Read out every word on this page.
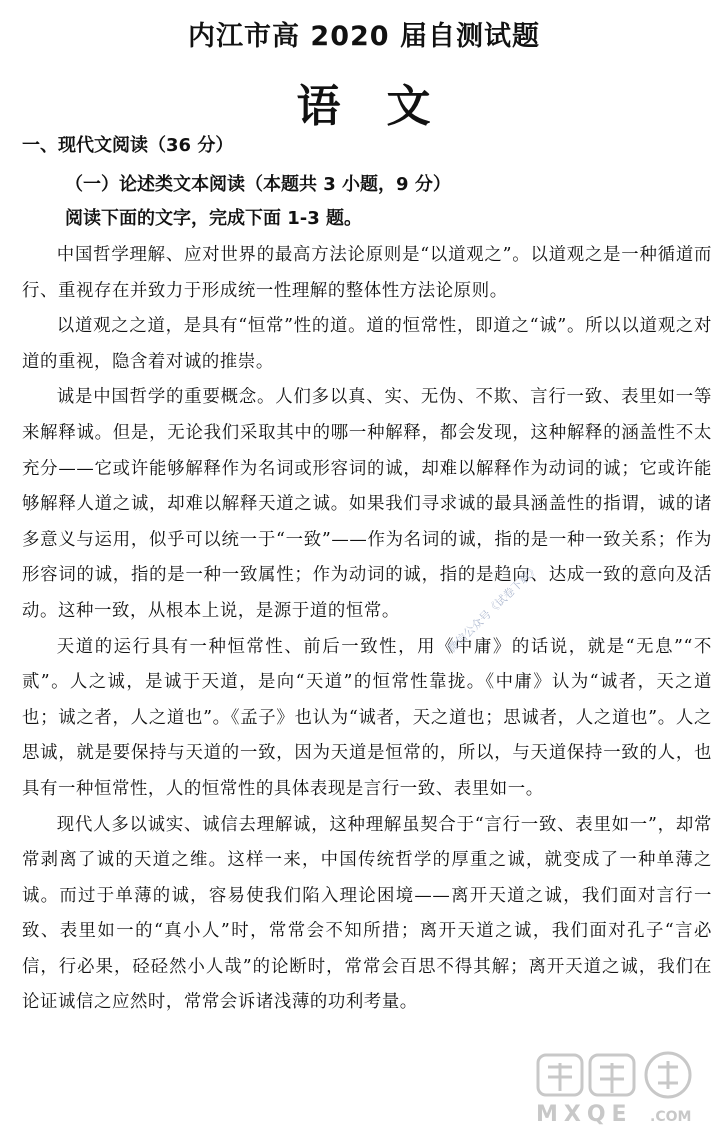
内江市高 2020 届自测试题
语　文
一、现代文阅读（36 分）
（一）论述类文本阅读（本题共 3 小题，9 分）
阅读下面的文字，完成下面 1-3 题。

中国哲学理解、应对世界的最高方法论原则是“以道观之”。以道观之是一种循道而行、重视存在并致力于形成统一性理解的整体性方法论原则。

以道观之之道，是具有“恒常”性的道。道的恒常性，即道之“诚”。所以以道观之对道的重视，隐含着对诚的推崇。

诚是中国哲学的重要概念。人们多以真、实、无伪、不欺、言行一致、表里如一等来解释诚。但是，无论我们采取其中的哪一种解释，都会发现，这种解释的涵盖性不太充分——它或许能够解释作为名词或形容词的诚，却难以解释作为动词的诚；它或许能够解释人道之诚，却难以解释天道之诚。如果我们寻求诚的最具涵盖性的指谓，诚的诸多意义与运用，似乎可以统一于“一致”——作为名词的诚，指的是一种一致关系；作为形容词的诚，指的是一种一致属性；作为动词的诚，指的是趋向、达成一致的意向及活动。这种一致，从根本上说，是源于道的恒常。

天道的运行具有一种恒常性、前后一致性，用《中庸》的话说，就是“无息”“不贰”。人之诚，是诚于天道，是向“天道”的恒常性靠拢。《中庸》认为“诚者，天之道也；诚之者，人之道也”。《孟子》也认为“诚者，天之道也；思诚者，人之道也”。人之思诚，就是要保持与天道的一致，因为天道是恒常的，所以，与天道保持一致的人，也具有一种恒常性，人的恒常性的具体表现是言行一致、表里如一。

现代人多以诚实、诚信去理解诚，这种理解虽契合于“言行一致、表里如一”，却常常剥离了诚的天道之维。这样一来，中国传统哲学的厚重之诚，就变成了一种单薄之诚。而过于单薄的诚，容易使我们陷入理论困境——离开天道之诚，我们面对言行一致、表里如一的“真小人”时，常常会不知所措；离开天道之诚，我们面对孔子“言必信，行必果，硁硁然小人哉”的论断时，常常会百思不得其解；离开天道之诚，我们在论证诚信之应然时，常常会诉诸浅薄的功利考量。

微信公众号《试卷下载》
MXQE .COM
